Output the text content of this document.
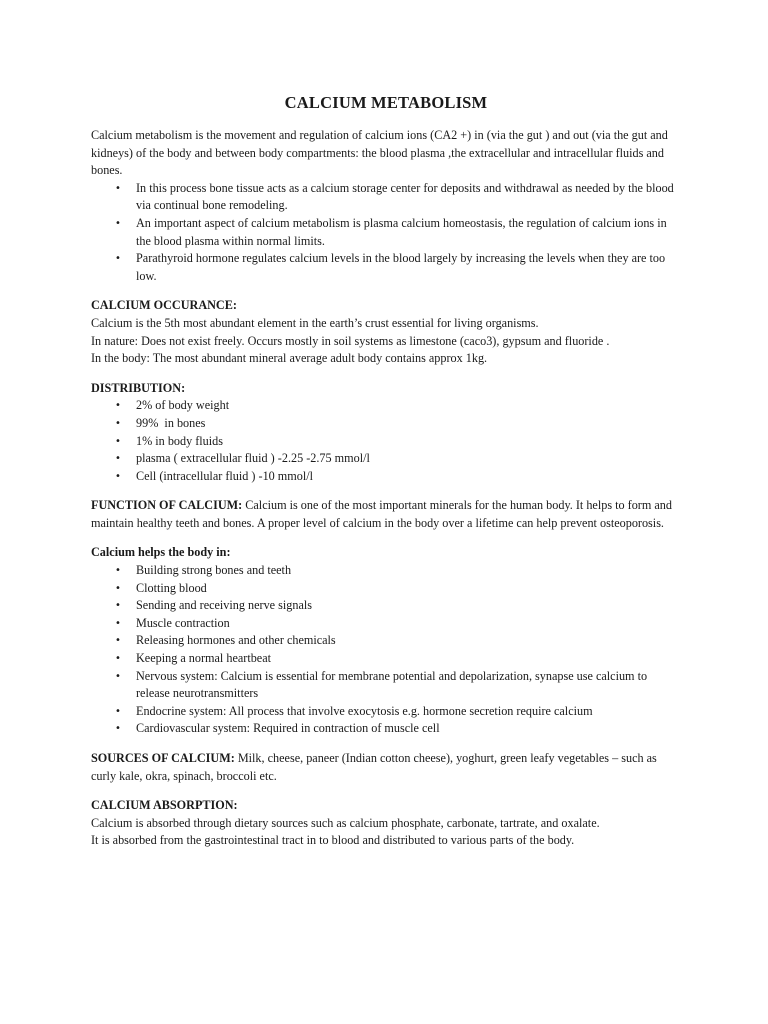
CALCIUM METABOLISM

Calcium metabolism is the movement and regulation of calcium ions (CA2 +) in (via the gut ) and out (via the gut and kidneys) of the body and between body compartments: the blood plasma ,the extracellular and intracellular fluids and bones.

• In this process bone tissue acts as a calcium storage center for deposits and withdrawal as needed by the blood via continual bone remodeling.
• An important aspect of calcium metabolism is plasma calcium homeostasis, the regulation of calcium ions in the blood plasma within normal limits.
• Parathyroid hormone regulates calcium levels in the blood largely by increasing the levels when they are too low.

CALCIUM OCCURANCE:

Calcium is the 5th most abundant element in the earth’s crust essential for living organisms.

In nature: Does not exist freely. Occurs mostly in soil systems as limestone (caco3), gypsum and fluoride .

In the body: The most abundant mineral average adult body contains approx 1kg.

DISTRIBUTION:

• 2% of body weight
• 99%  in bones
• 1% in body fluids
• plasma ( extracellular fluid ) -2.25 -2.75 mmol/l
• Cell (intracellular fluid ) -10 mmol/l

FUNCTION OF CALCIUM: Calcium is one of the most important minerals for the human body. It helps to form and maintain healthy teeth and bones. A proper level of calcium in the body over a lifetime can help prevent osteoporosis.

Calcium helps the body in:

• Building strong bones and teeth
• Clotting blood
• Sending and receiving nerve signals
• Muscle contraction
• Releasing hormones and other chemicals
• Keeping a normal heartbeat
• Nervous system: Calcium is essential for membrane potential and depolarization, synapse use calcium to release neurotransmitters
• Endocrine system: All process that involve exocytosis e.g. hormone secretion require calcium
• Cardiovascular system: Required in contraction of muscle cell

SOURCES OF CALCIUM: Milk, cheese, paneer (Indian cotton cheese), yoghurt, green leafy vegetables – such as curly kale, okra, spinach, broccoli etc.

CALCIUM ABSORPTION:

Calcium is absorbed through dietary sources such as calcium phosphate, carbonate, tartrate, and oxalate.

It is absorbed from the gastrointestinal tract in to blood and distributed to various parts of the body.
